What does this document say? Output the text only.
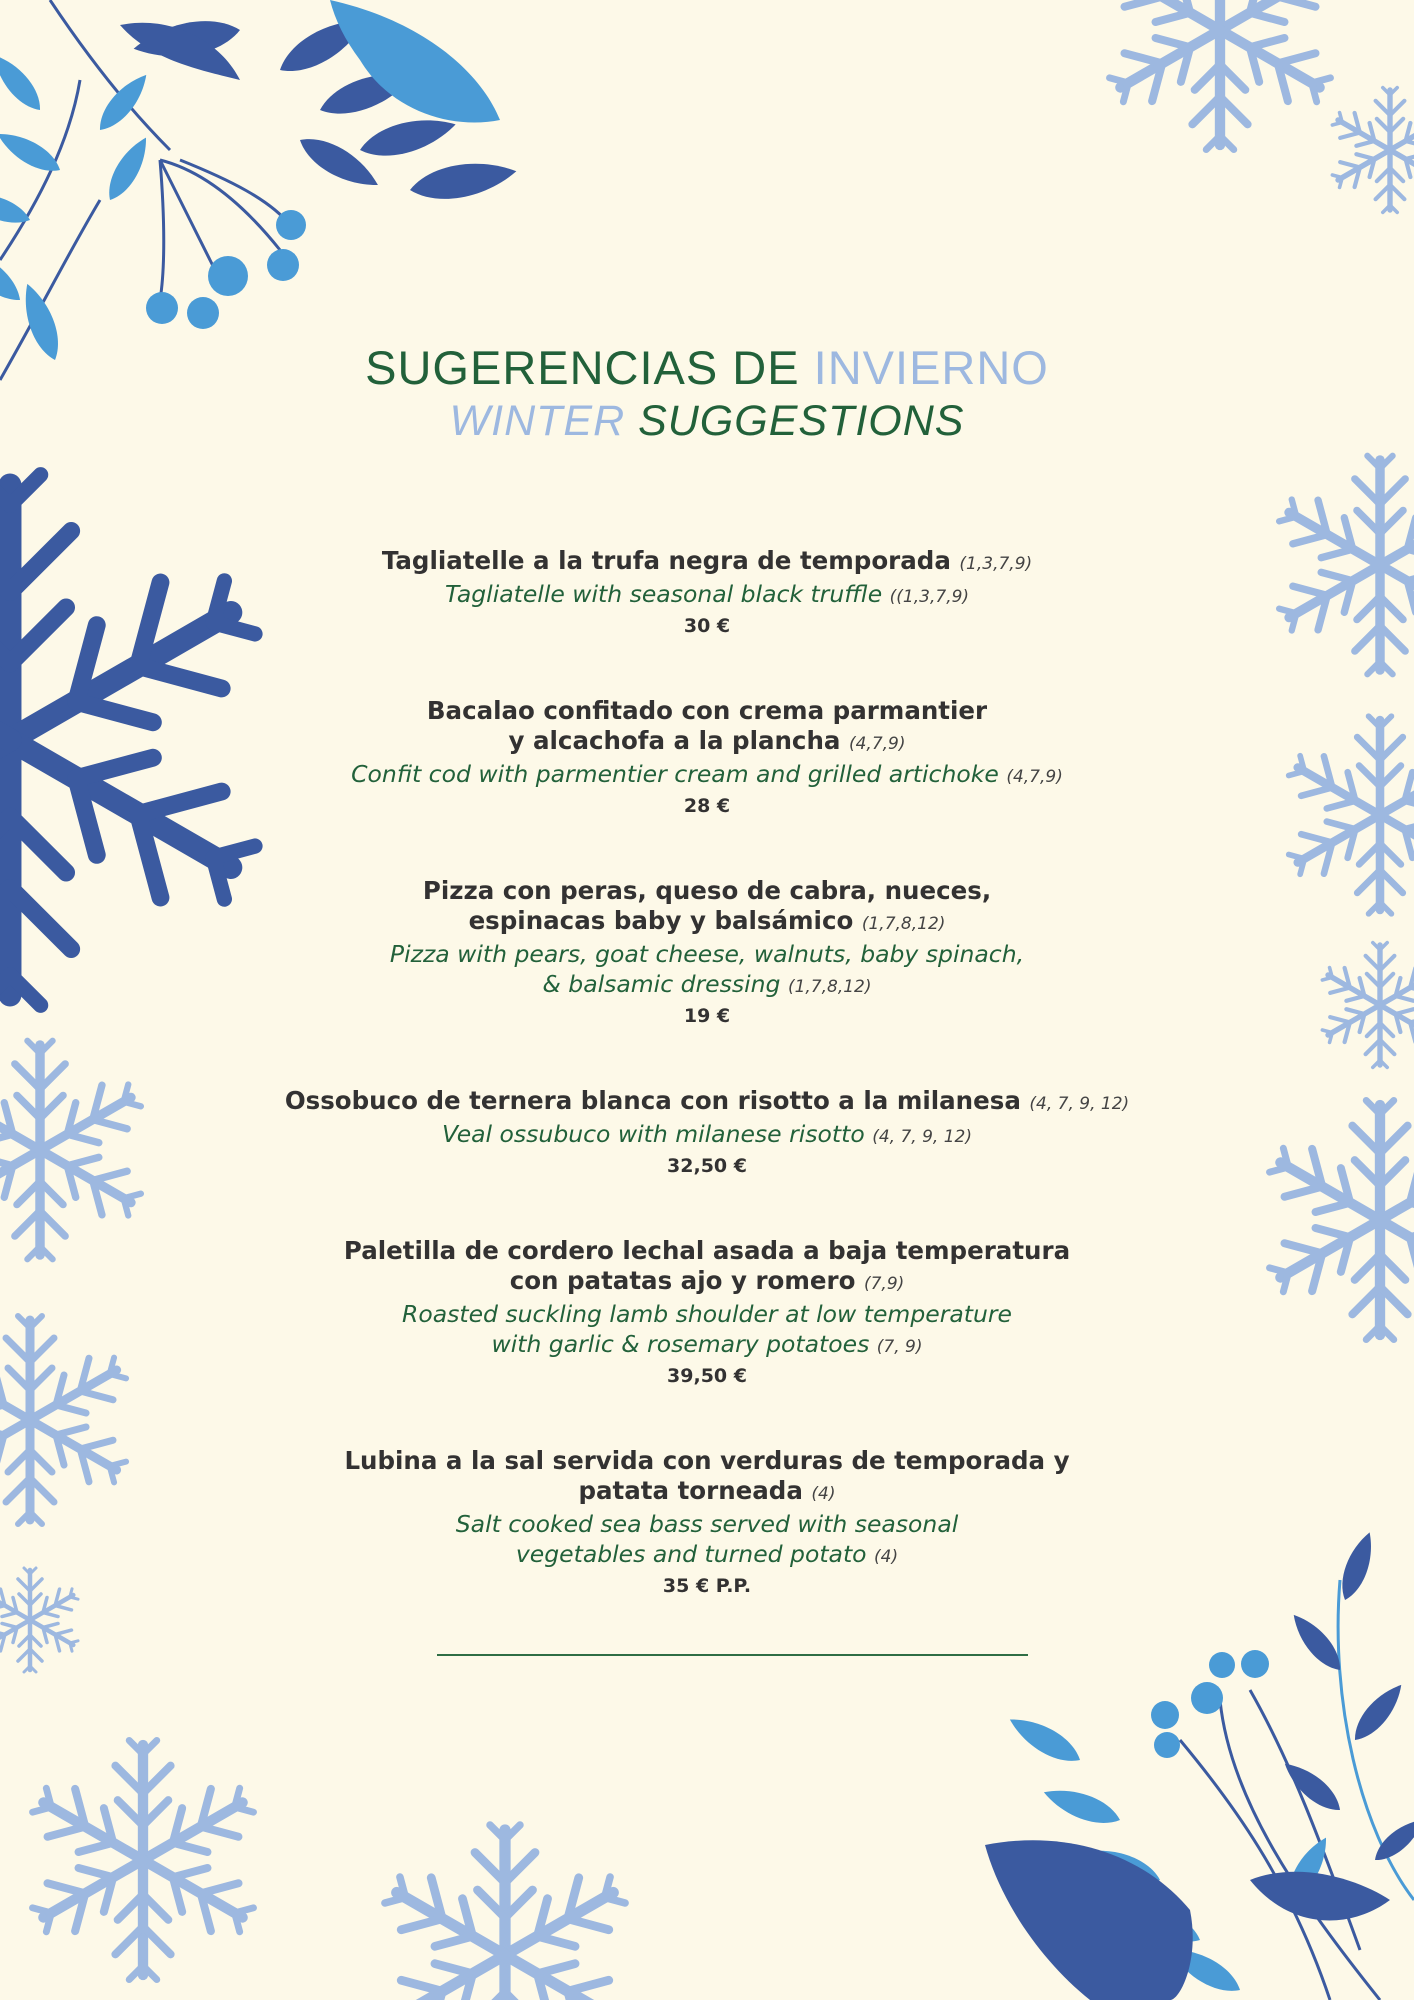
SUGERENCIAS DE INVIERNO
WINTER SUGGESTIONS
Tagliatelle a la trufa negra de temporada (1,3,7,9)
Tagliatelle with seasonal black truffle ((1,3,7,9)
30 €
Bacalao confitado con crema parmantier
y alcachofa a la plancha (4,7,9)
Confit cod with parmentier cream and grilled artichoke (4,7,9)
28 €
Pizza con peras, queso de cabra, nueces,
espinacas baby y balsámico (1,7,8,12)
Pizza with pears, goat cheese, walnuts, baby spinach,
& balsamic dressing (1,7,8,12)
19 €
Ossobuco de ternera blanca con risotto a la milanesa (4, 7, 9, 12)
Veal ossubuco with milanese risotto (4, 7, 9, 12)
32,50 €
Paletilla de cordero lechal asada a baja temperatura
con patatas ajo y romero (7,9)
Roasted suckling lamb shoulder at low temperature
with garlic & rosemary potatoes (7, 9)
39,50 €
Lubina a la sal servida con verduras de temporada y
patata torneada (4)
Salt cooked sea bass served with seasonal
vegetables and turned potato (4)
35 € P.P.
